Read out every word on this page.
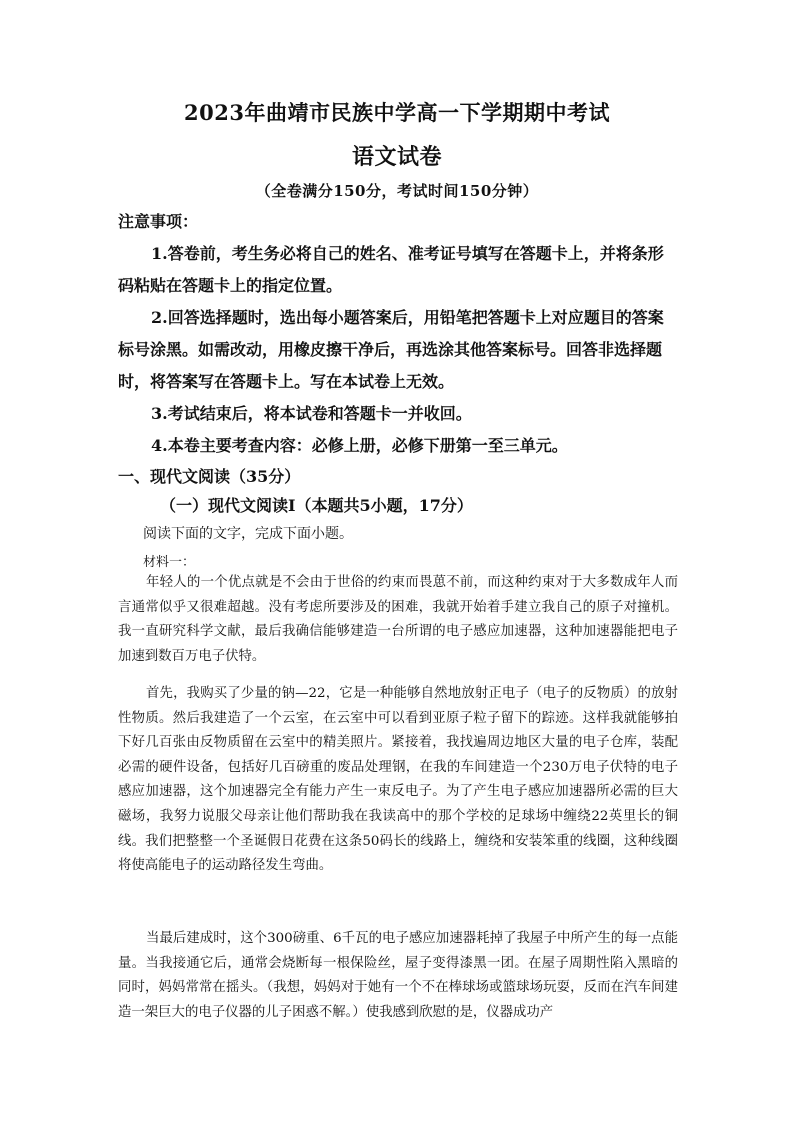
2023年曲靖市民族中学高一下学期期中考试
语文试卷
（全卷满分150分，考试时间150分钟）
注意事项：
1.答卷前，考生务必将自己的姓名、准考证号填写在答题卡上，并将条形码粘贴在答题卡上的指定位置。
2.回答选择题时，选出每小题答案后，用铅笔把答题卡上对应题目的答案标号涂黑。如需改动，用橡皮擦干净后，再选涂其他答案标号。回答非选择题时，将答案写在答题卡上。写在本试卷上无效。
3.考试结束后，将本试卷和答题卡一并收回。
4.本卷主要考查内容：必修上册，必修下册第一至三单元。
一、现代文阅读（35分）
（一）现代文阅读Ⅰ（本题共5小题，17分）
阅读下面的文字，完成下面小题。
材料一：
年轻人的一个优点就是不会由于世俗的约束而畏葸不前，而这种约束对于大多数成年人而言通常似乎又很难超越。没有考虑所要涉及的困难，我就开始着手建立我自己的原子对撞机。我一直研究科学文献，最后我确信能够建造一台所谓的电子感应加速器，这种加速器能把电子加速到数百万电子伏特。
首先，我购买了少量的钠—22，它是一种能够自然地放射正电子（电子的反物质）的放射性物质。然后我建造了一个云室，在云室中可以看到亚原子粒子留下的踪迹。这样我就能够拍下好几百张由反物质留在云室中的精美照片。紧接着，我找遍周边地区大量的电子仓库，装配必需的硬件设备，包括好几百磅重的废品处理钢，在我的车间建造一个230万电子伏特的电子感应加速器，这个加速器完全有能力产生一束反电子。为了产生电子感应加速器所必需的巨大磁场，我努力说服父母亲让他们帮助我在我读高中的那个学校的足球场中缠绕22英里长的铜线。我们把整整一个圣诞假日花费在这条50码长的线路上，缠绕和安装笨重的线圈，这种线圈将使高能电子的运动路径发生弯曲。
当最后建成时，这个300磅重、6千瓦的电子感应加速器耗掉了我屋子中所产生的每一点能量。当我接通它后，通常会烧断每一根保险丝，屋子变得漆黑一团。在屋子周期性陷入黑暗的同时，妈妈常常在摇头。（我想，妈妈对于她有一个不在棒球场或篮球场玩耍，反而在汽车间建造一架巨大的电子仪器的儿子困惑不解。）使我感到欣慰的是，仪器成功产
